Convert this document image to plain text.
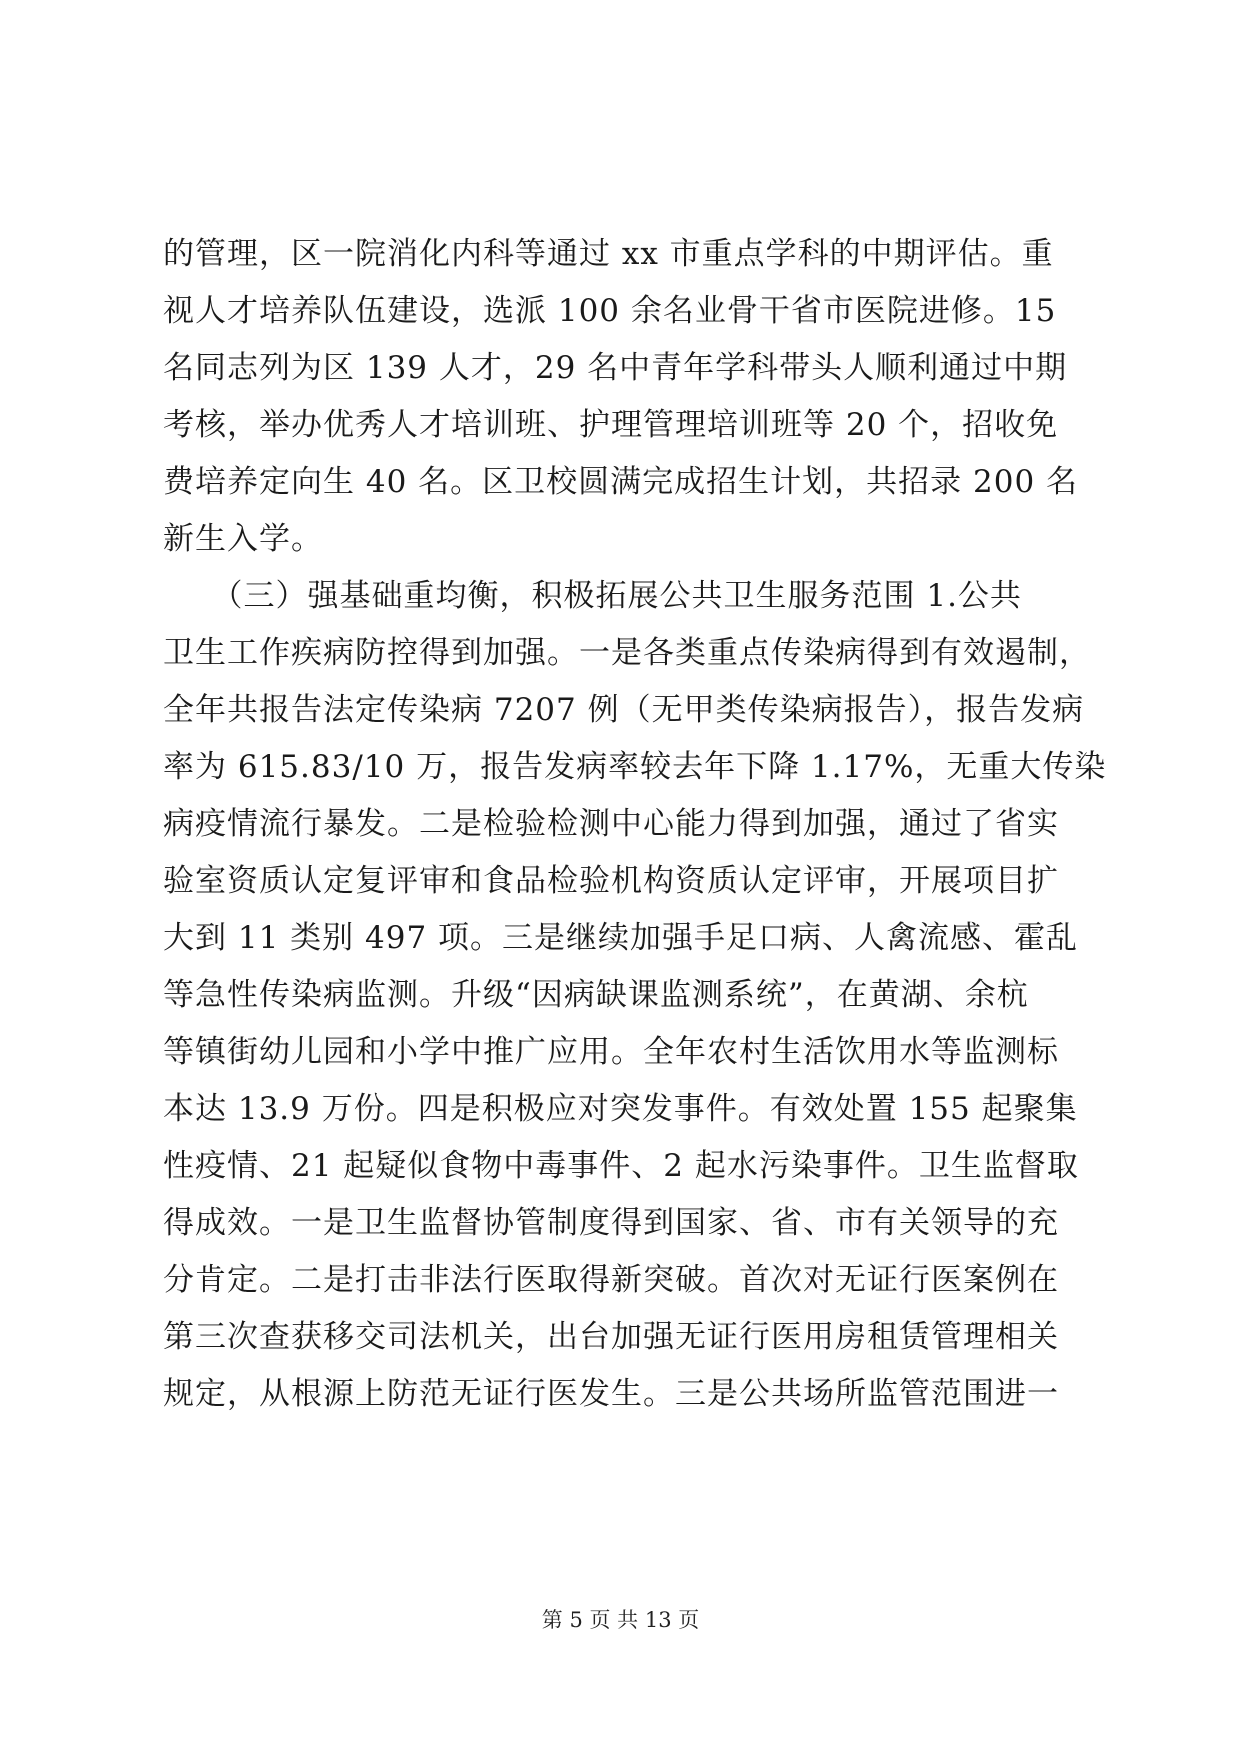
的管理，区一院消化内科等通过 xx 市重点学科的中期评估。重
视人才培养队伍建设，选派 100 余名业骨干省市医院进修。15
名同志列为区 139 人才，29 名中青年学科带头人顺利通过中期
考核，举办优秀人才培训班、护理管理培训班等 20 个，招收免
费培养定向生 40 名。区卫校圆满完成招生计划，共招录 200 名
新生入学。
　　（三）强基础重均衡，积极拓展公共卫生服务范围 1.公共
卫生工作疾病防控得到加强。一是各类重点传染病得到有效遏制，
全年共报告法定传染病 7207 例（无甲类传染病报告），报告发病
率为 615.83/10 万，报告发病率较去年下降 1.17%，无重大传染
病疫情流行暴发。二是检验检测中心能力得到加强，通过了省实
验室资质认定复评审和食品检验机构资质认定评审，开展项目扩
大到 11 类别 497 项。三是继续加强手足口病、人禽流感、霍乱
等急性传染病监测。升级“因病缺课监测系统”，在黄湖、余杭
等镇街幼儿园和小学中推广应用。全年农村生活饮用水等监测标
本达 13.9 万份。四是积极应对突发事件。有效处置 155 起聚集
性疫情、21 起疑似食物中毒事件、2 起水污染事件。卫生监督取
得成效。一是卫生监督协管制度得到国家、省、市有关领导的充
分肯定。二是打击非法行医取得新突破。首次对无证行医案例在
第三次查获移交司法机关，出台加强无证行医用房租赁管理相关
规定，从根源上防范无证行医发生。三是公共场所监管范围进一
第 5 页 共 13 页
